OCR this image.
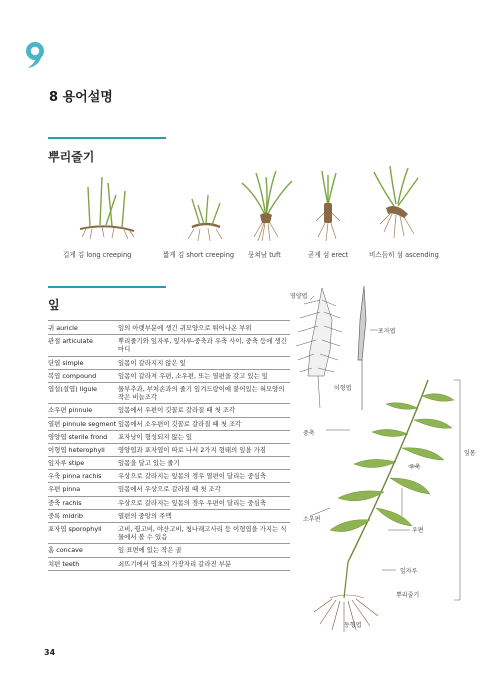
8 용어설명
뿌리줄기
길게 김 long creeping	짧게 김 short creeping 뭉쳐남 tuft	곧게 섬 erect	비스듬히 섬 ascending
잎
귀 auricle	잎의 아랫부분에 생긴 귀모양으로 튀어나온 부위
관절 articulate	뿌리줄기와 잎자루, 잎자루-중축과 우축 사이, 중축 등에 생긴 마디
단엽 simple	잎몸이 갈라지지 않은 잎
복엽 compound	잎몸이 갈라져 우편, 소우편, 또는 열편을 갖고 있는 잎
엽설(설엽) ligule	물부추과, 부처손과의 줄기 잎겨드랑이에 붙어있는 혀모양의 작은 비늘조각
소우편 pinnule	잎몸에서 우편이 깃꼴로 갈라질 때 첫 조각
열편 pinnule segment	잎몸에서 소우편이 깃꼴로 갈라질 때 첫 조각
영양엽 sterile frond	포자낭이 형성되지 않는 잎
이형엽 heterophyll	영양엽과 포자엽이 따로 나서 2가지 형태의 잎을 가짐
잎자루 stipe	잎몸을 달고 있는 줄기
우축 pinna rachis	우상으로 갈라지는 잎몸의 경우 열편이 달리는 중심축
우편 pinna	잎몸에서 우상으로 갈라질 때 첫 조각
중축 rachis	우상으로 갈라지는 잎몸의 경우 우편이 달리는 중심축
중록 midrib	열편의 중앙의 주맥
포자엽 sporophyll	고비, 꿩고비, 야산고비, 청나래고사리 등 이형엽을 가지는 식물에서 볼 수 있음
홈 concave	잎 표면에 있는 작은 골
치편 teeth	쇠뜨기에서 엽초의 가장자리 갈라진 부분
영양엽
포자엽
이형엽
중축
우축
잎몸
소우편
우편
잎자루
뿌리줄기
동형엽
34
